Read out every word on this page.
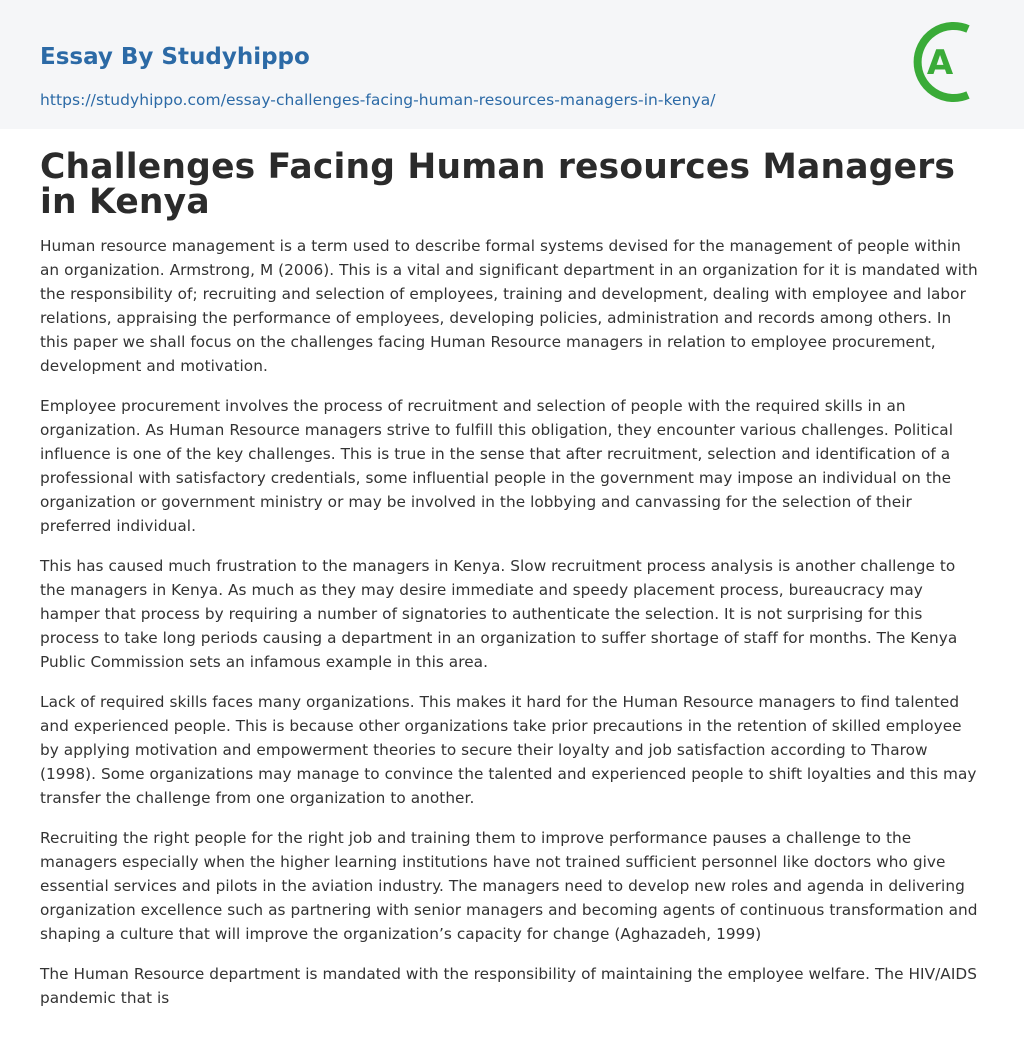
Essay By Studyhippo
https://studyhippo.com/essay-challenges-facing-human-resources-managers-in-kenya/
A
Challenges Facing Human resources Managers in Kenya

Human resource management is a term used to describe formal systems devised for the management of people within an organization. Armstrong, M (2006). This is a vital and significant department in an organization for it is mandated with the responsibility of; recruiting and selection of employees, training and development, dealing with employee and labor relations, appraising the performance of employees, developing policies, administration and records among others. In this paper we shall focus on the challenges facing Human Resource managers in relation to employee procurement, development and motivation.

Employee procurement involves the process of recruitment and selection of people with the required skills in an organization. As Human Resource managers strive to fulfill this obligation, they encounter various challenges. Political influence is one of the key challenges. This is true in the sense that after recruitment, selection and identification of a professional with satisfactory credentials, some influential people in the government may impose an individual on the organization or government ministry or may be involved in the lobbying and canvassing for the selection of their preferred individual.

This has caused much frustration to the managers in Kenya. Slow recruitment process analysis is another challenge to the managers in Kenya. As much as they may desire immediate and speedy placement process, bureaucracy may hamper that process by requiring a number of signatories to authenticate the selection. It is not surprising for this process to take long periods causing a department in an organization to suffer shortage of staff for months. The Kenya Public Commission sets an infamous example in this area.

Lack of required skills faces many organizations. This makes it hard for the Human Resource managers to find talented and experienced people. This is because other organizations take prior precautions in the retention of skilled employee by applying motivation and empowerment theories to secure their loyalty and job satisfaction according to Tharow (1998). Some organizations may manage to convince the talented and experienced people to shift loyalties and this may transfer the challenge from one organization to another.

Recruiting the right people for the right job and training them to improve performance pauses a challenge to the managers especially when the higher learning institutions have not trained sufficient personnel like doctors who give essential services and pilots in the aviation industry. The managers need to develop new roles and agenda in delivering organization excellence such as partnering with senior managers and becoming agents of continuous transformation and shaping a culture that will improve the organization’s capacity for change (Aghazadeh, 1999)

The Human Resource department is mandated with the responsibility of maintaining the employee welfare. The HIV/AIDS pandemic that is
